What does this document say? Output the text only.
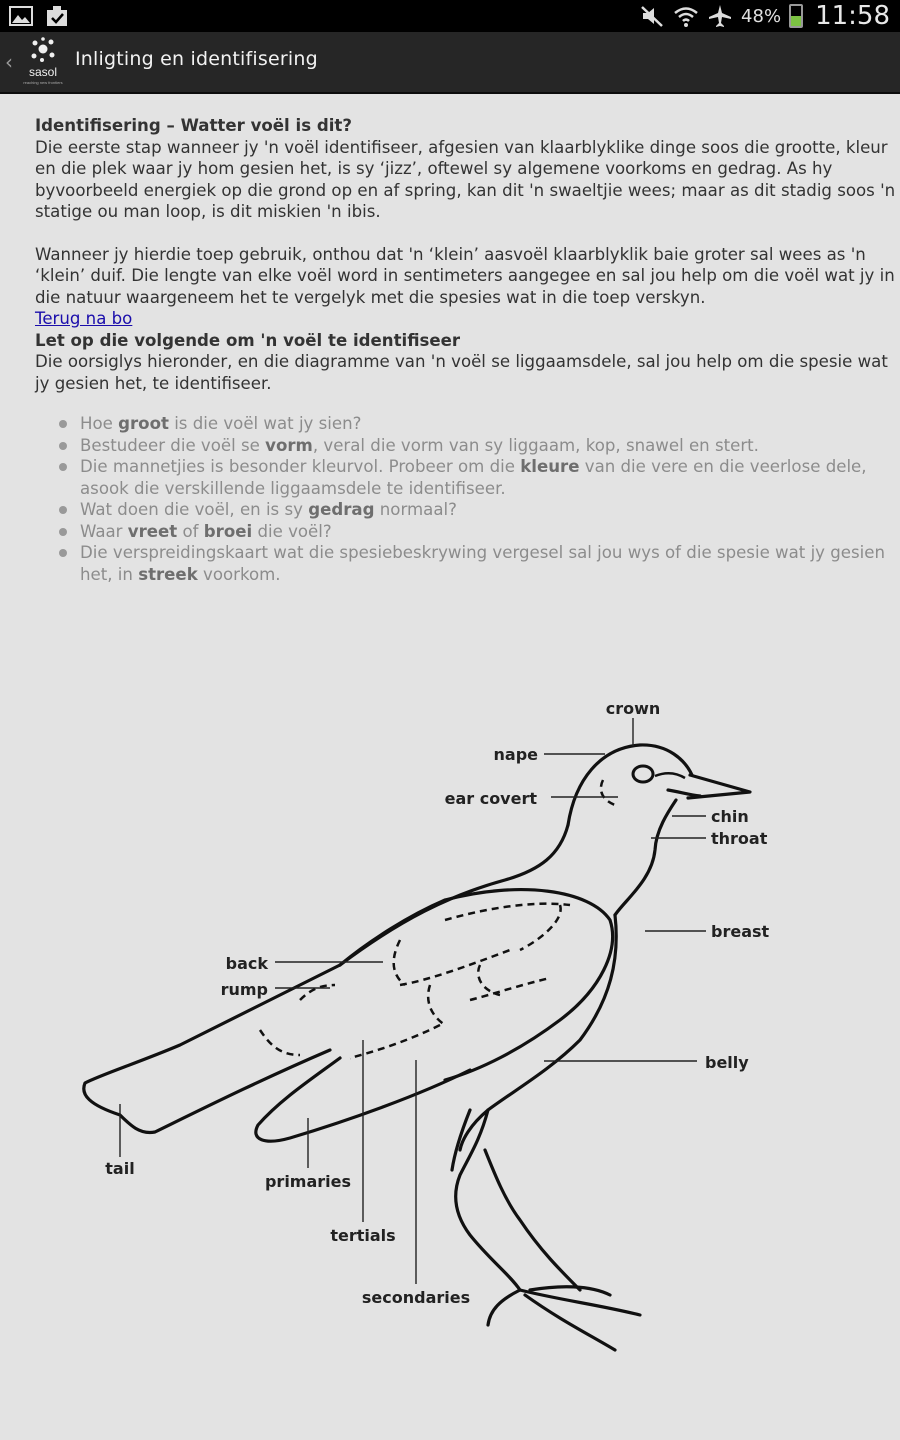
48% 11:58
‹ sasol
reaching new frontiers
Inligting en identifisering

Identifisering – Watter voël is dit?
Die eerste stap wanneer jy 'n voël identifiseer, afgesien van klaarblyklike dinge soos die grootte, kleur en die plek waar jy hom gesien het, is sy ‘jizz’, oftewel sy algemene voorkoms en gedrag. As hy byvoorbeeld energiek op die grond op en af spring, kan dit 'n swaeltjie wees; maar as dit stadig soos 'n statige ou man loop, is dit miskien 'n ibis.

Wanneer jy hierdie toep gebruik, onthou dat 'n ‘klein’ aasvoël klaarblyklik baie groter sal wees as 'n ‘klein’ duif. Die lengte van elke voël word in sentimeters aangegee en sal jou help om die voël wat jy in die natuur waargeneem het te vergelyk met die spesies wat in die toep verskyn.

Terug na bo

Let op die volgende om 'n voël te identifiseer
Die oorsiglys hieronder, en die diagramme van 'n voël se liggaamsdele, sal jou help om die spesie wat jy gesien het, te identifiseer.

Hoe groot is die voël wat jy sien?
Bestudeer die voël se vorm, veral die vorm van sy liggaam, kop, snawel en stert.
Die mannetjies is besonder kleurvol. Probeer om die kleure van die vere en die veerlose dele, asook die verskillende liggaamsdele te identifiseer.
Wat doen die voël, en is sy gedrag normaal?
Waar vreet of broei die voël?
Die verspreidingskaart wat die spesiebeskrywing vergesel sal jou wys of die spesie wat jy gesien het, in streek voorkom.
crown
nape
ear covert
chin
throat
breast
back
rump
belly
tail
primaries
tertials
secondaries
